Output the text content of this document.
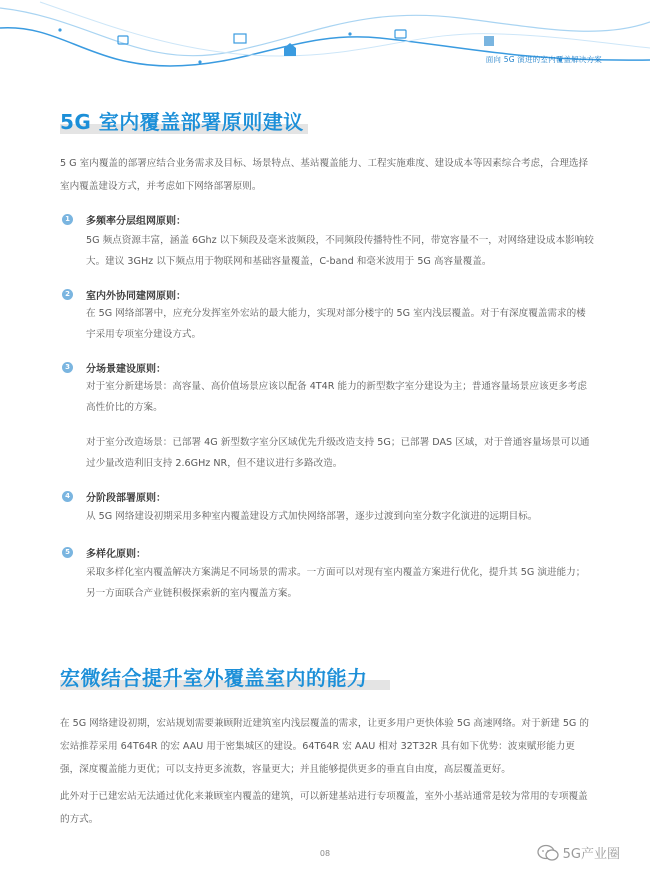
面向 5G 演进的室内覆盖解决方案
5G 室内覆盖部署原则建议

5 G 室内覆盖的部署应结合业务需求及目标、场景特点、基站覆盖能力、工程实施难度、建设成本等因素综合考虑，合理选择室内覆盖建设方式，并考虑如下网络部署原则。

1	多频率分层组网原则：

5G 频点资源丰富，涵盖 6Ghz 以下频段及毫米波频段，不同频段传播特性不同，带宽容量不一，对网络建设成本影响较大。建议 3GHz 以下频点用于物联网和基础容量覆盖，C-band 和毫米波用于 5G 高容量覆盖。

2	室内外协同建网原则：

在 5G 网络部署中，应充分发挥室外宏站的最大能力，实现对部分楼宇的 5G 室内浅层覆盖。对于有深度覆盖需求的楼宇采用专项室分建设方式。

3	分场景建设原则：

对于室分新建场景：高容量、高价值场景应该以配备 4T4R 能力的新型数字室分建设为主；普通容量场景应该更多考虑高性价比的方案。

对于室分改造场景：已部署 4G 新型数字室分区域优先升级改造支持 5G；已部署 DAS 区域，对于普通容量场景可以通过少量改造利旧支持 2.6GHz NR，但不建议进行多路改造。

4	分阶段部署原则：

从 5G 网络建设初期采用多种室内覆盖建设方式加快网络部署，逐步过渡到向室分数字化演进的远期目标。

5	多样化原则：

采取多样化室内覆盖解决方案满足不同场景的需求。一方面可以对现有室内覆盖方案进行优化，提升其 5G 演进能力；另一方面联合产业链积极探索新的室内覆盖方案。

宏微结合提升室外覆盖室内的能力

在 5G 网络建设初期，宏站规划需要兼顾附近建筑室内浅层覆盖的需求，让更多用户更快体验 5G 高速网络。对于新建 5G 的宏站推荐采用 64T64R 的宏 AAU 用于密集城区的建设。64T64R 宏 AAU 相对 32T32R 具有如下优势：波束赋形能力更强，深度覆盖能力更优；可以支持更多流数，容量更大；并且能够提供更多的垂直自由度，高层覆盖更好。

此外对于已建宏站无法通过优化来兼顾室内覆盖的建筑，可以新建基站进行专项覆盖，室外小基站通常是较为常用的专项覆盖的方式。

08	5G产业圈
